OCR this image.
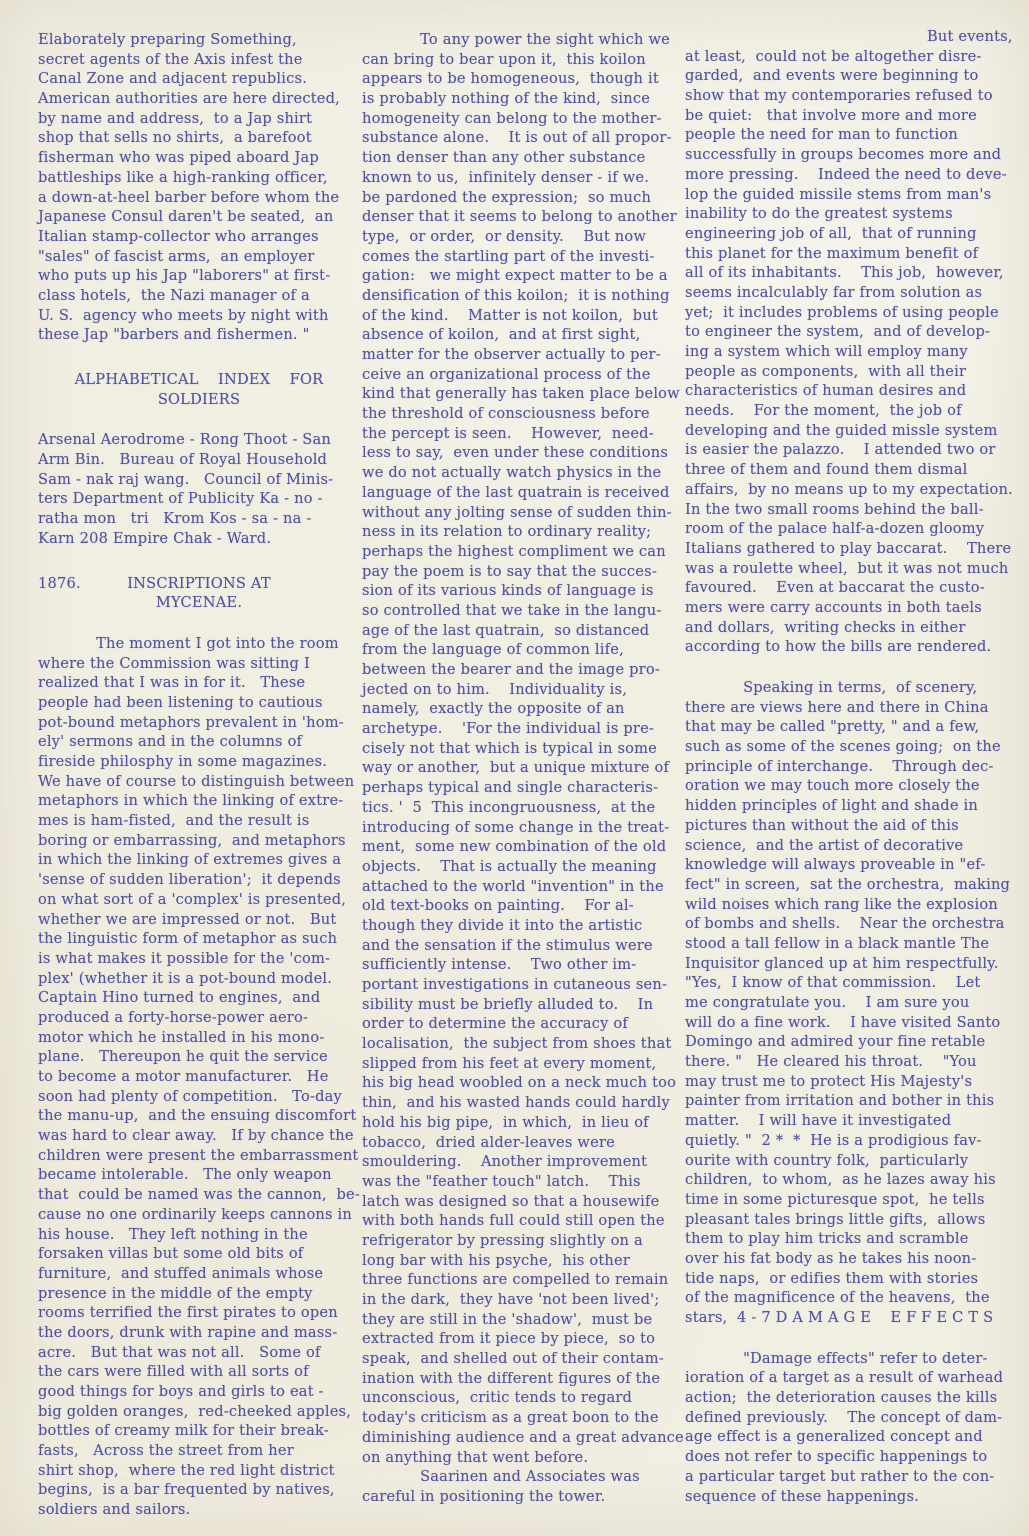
Elaborately preparing Something,
secret agents of the Axis infest the
Canal Zone and adjacent republics.
American authorities are here directed,
by name and address,  to a Jap shirt
shop that sells no shirts,  a barefoot
fisherman who was piped aboard Jap
battleships like a high-ranking officer,
a down-at-heel barber before whom the
Japanese Consul daren't be seated,  an
Italian stamp-collector who arranges
"sales" of fascist arms,  an employer
who puts up his Jap "laborers" at first-
class hotels,  the Nazi manager of a
U. S.  agency who meets by night with
these Jap "barbers and fishermen. "
ALPHABETICAL    INDEX    FOR
SOLDIERS
Arsenal Aerodrome - Rong Thoot - San
Arm Bin.   Bureau of Royal Household
Sam - nak raj wang.   Council of Minis-
ters Department of Publicity Ka - no -
ratha mon   tri   Krom Kos - sa - na -
Karn 208 Empire Chak - Ward.
1876.	INSCRIPTIONS AT
MYCENAE.
The moment I got into the room
where the Commission was sitting I
realized that I was in for it.   These
people had been listening to cautious
pot-bound metaphors prevalent in 'hom-
ely' sermons and in the columns of
fireside philosphy in some magazines.
We have of course to distinguish between
metaphors in which the linking of extre-
mes is ham-fisted,  and the result is
boring or embarrassing,  and metaphors
in which the linking of extremes gives a
'sense of sudden liberation';  it depends
on what sort of a 'complex' is presented,
whether we are impressed or not.   But
the linguistic form of metaphor as such
is what makes it possible for the 'com-
plex' (whether it is a pot-bound model.
Captain Hino turned to engines,  and
produced a forty-horse-power aero-
motor which he installed in his mono-
plane.   Thereupon he quit the service
to become a motor manufacturer.   He
soon had plenty of competition.   To-day
the manu-up,  and the ensuing discomfort
was hard to clear away.   If by chance the
children were present the embarrassment
became intolerable.   The only weapon
that  could be named was the cannon,  be-
cause no one ordinarily keeps cannons in
his house.   They left nothing in the
forsaken villas but some old bits of
furniture,  and stuffed animals whose
presence in the middle of the empty
rooms terrified the first pirates to open
the doors, drunk with rapine and mass-
acre.   But that was not all.   Some of
the cars were filled with all sorts of
good things for boys and girls to eat -
big golden oranges,  red-cheeked apples,
bottles of creamy milk for their break-
fasts,   Across the street from her
shirt shop,  where the red light district
begins,  is a bar frequented by natives,
soldiers and sailors.
To any power the sight which we
can bring to bear upon it,  this koilon
appears to be homogeneous,  though it
is probably nothing of the kind,  since
homogeneity can belong to the mother-
substance alone.    It is out of all propor-
tion denser than any other substance
known to us,  infinitely denser - if we.
be pardoned the expression;  so much
denser that it seems to belong to another
type,  or order,  or density.    But now
comes the startling part of the investi-
gation:   we might expect matter to be a
densification of this koilon;  it is nothing
of the kind.    Matter is not koilon,  but
absence of koilon,  and at first sight,
matter for the observer actually to per-
ceive an organizational process of the
kind that generally has taken place below
the threshold of consciousness before
the percept is seen.    However,  need-
less to say,  even under these conditions
we do not actually watch physics in the
language of the last quatrain is received
without any jolting sense of sudden thin-
ness in its relation to ordinary reality;
perhaps the highest compliment we can
pay the poem is to say that the succes-
sion of its various kinds of language is
so controlled that we take in the langu-
age of the last quatrain,  so distanced
from the language of common life,
between the bearer and the image pro-
jected on to him.    Individuality is,
namely,  exactly the opposite of an
archetype.    'For the individual is pre-
cisely not that which is typical in some
way or another,  but a unique mixture of
perhaps typical and single characteris-
tics. '  5  This incongruousness,  at the
introducing of some change in the treat-
ment,  some new combination of the old
objects.    That is actually the meaning
attached to the world "invention" in the
old text-books on painting.    For al-
though they divide it into the artistic
and the sensation if the stimulus were
sufficiently intense.    Two other im-
portant investigations in cutaneous sen-
sibility must be briefly alluded to.    In
order to determine the accuracy of
localisation,  the subject from shoes that
slipped from his feet at every moment,
his big head woobled on a neck much too
thin,  and his wasted hands could hardly
hold his big pipe,  in which,  in lieu of
tobacco,  dried alder-leaves were
smouldering.    Another improvement
was the "feather touch" latch.    This
latch was designed so that a housewife
with both hands full could still open the
refrigerator by pressing slightly on a
long bar with his psyche,  his other
three functions are compelled to remain
in the dark,  they have 'not been lived';
they are still in the 'shadow',  must be
extracted from it piece by piece,  so to
speak,  and shelled out of their contam-
ination with the different figures of the
unconscious,  critic tends to regard
today's criticism as a great boon to the
diminishing audience and a great advance
on anything that went before.
Saarinen and Associates was
careful in positioning the tower.
But events,
at least,  could not be altogether disre-
garded,  and events were beginning to
show that my contemporaries refused to
be quiet:   that involve more and more
people the need for man to function
successfully in groups becomes more and
more pressing.    Indeed the need to deve-
lop the guided missile stems from man's
inability to do the greatest systems
engineering job of all,  that of running
this planet for the maximum benefit of
all of its inhabitants.    This job,  however,
seems incalculably far from solution as
yet;  it includes problems of using people
to engineer the system,  and of develop-
ing a system which will employ many
people as components,  with all their
characteristics of human desires and
needs.    For the moment,  the job of
developing and the guided missle system
is easier the palazzo.    I attended two or
three of them and found them dismal
affairs,  by no means up to my expectation.
In the two small rooms behind the ball-
room of the palace half-a-dozen gloomy
Italians gathered to play baccarat.    There
was a roulette wheel,  but it was not much
favoured.    Even at baccarat the custo-
mers were carry accounts in both taels
and dollars,  writing checks in either
according to how the bills are rendered.
Speaking in terms,  of scenery,
there are views here and there in China
that may be called "pretty, " and a few,
such as some of the scenes going;  on the
principle of interchange.    Through dec-
oration we may touch more closely the
hidden principles of light and shade in
pictures than without the aid of this
science,  and the artist of decorative
knowledge will always proveable in "ef-
fect" in screen,  sat the orchestra,  making
wild noises which rang like the explosion
of bombs and shells.    Near the orchestra
stood a tall fellow in a black mantle The
Inquisitor glanced up at him respectfully.
"Yes,  I know of that commission.    Let
me congratulate you.    I am sure you
will do a fine work.    I have visited Santo
Domingo and admired your fine retable
there. "   He cleared his throat.    "You
may trust me to protect His Majesty's
painter from irritation and bother in this
matter.    I will have it investigated
quietly. "  2 *  *  He is a prodigious fav-
ourite with country folk,  particularly
children,  to whom,  as he lazes away his
time in some picturesque spot,  he tells
pleasant tales brings little gifts,  allows
them to play him tricks and scramble
over his fat body as he takes his noon-
tide naps,  or edifies them with stories
of the magnificence of the heavens,  the
stars,  4 - 7 D A M A G E    E F F E C T S
"Damage effects" refer to deter-
ioration of a target as a result of warhead
action;  the deterioration causes the kills
defined previously.    The concept of dam-
age effect is a generalized concept and
does not refer to specific happenings to
a particular target but rather to the con-
sequence of these happenings.
